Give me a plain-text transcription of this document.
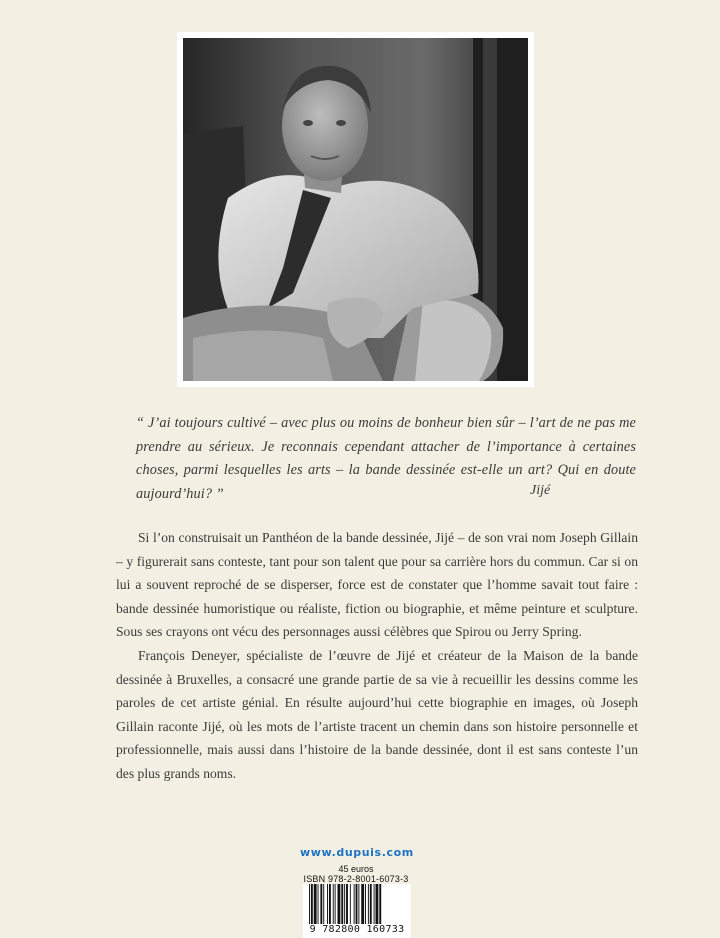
“ J’ai toujours cultivé – avec plus ou moins de bonheur bien sûr – l’art de ne pas me prendre au sérieux. Je reconnais cependant attacher de l’importance à certaines choses, parmi lesquelles les arts – la bande dessinée est-elle un art? Qui en doute aujourd’hui? ”	Jijé

Si l’on construisait un Panthéon de la bande dessinée, Jijé – de son vrai nom Joseph Gillain – y figurerait sans conteste, tant pour son talent que pour sa carrière hors du commun. Car si on lui a souvent reproché de se disperser, force est de constater que l’homme savait tout faire : bande dessinée humoristique ou réaliste, fiction ou biographie, et même peinture et sculpture. Sous ses crayons ont vécu des personnages aussi célèbres que Spirou ou Jerry Spring.

François Deneyer, spécialiste de l’œuvre de Jijé et créateur de la Maison de la bande dessinée à Bruxelles, a consacré une grande partie de sa vie à recueillir les dessins comme les paroles de cet artiste génial. En résulte aujourd’hui cette biographie en images, où Joseph Gillain raconte Jijé, où les mots de l’artiste tracent un chemin dans son histoire personnelle et professionnelle, mais aussi dans l’histoire de la bande dessinée, dont il est sans conteste l’un des plus grands noms.

www.dupuis.com
45 euros
ISBN 978-2-8001-6073-3
9 782800 160733
